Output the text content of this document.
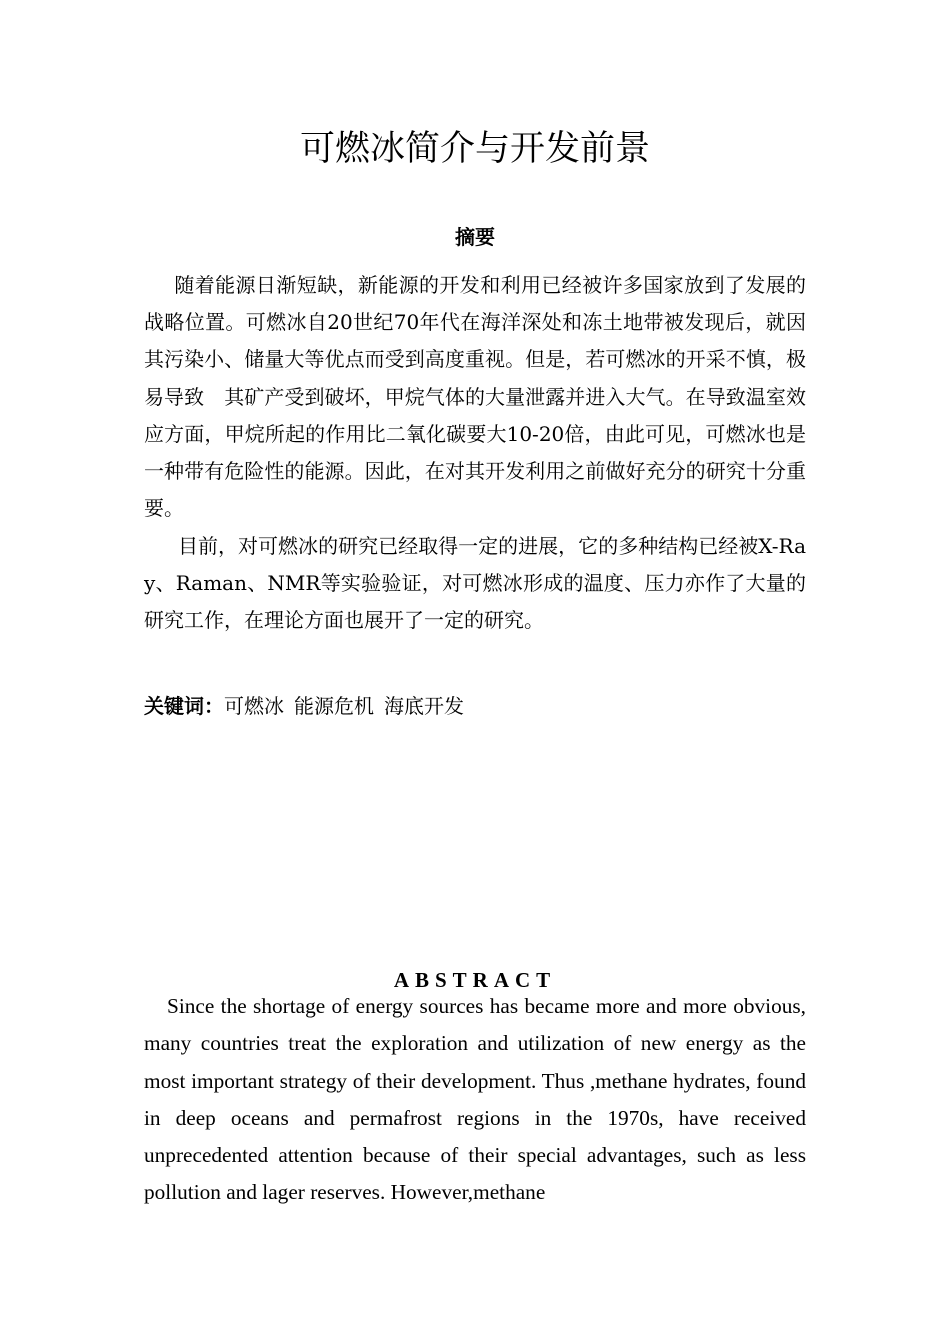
可燃冰简介与开发前景
摘要

随着能源日渐短缺，新能源的开发和利用已经被许多国家放到了发展的战略位置。可燃冰自20世纪70年代在海洋深处和冻土地带被发现后，就因其污染小、储量大等优点而受到高度重视。但是，若可燃冰的开采不慎，极易导致　其矿产受到破坏，甲烷气体的大量泄露并进入大气。在导致温室效应方面，甲烷所起的作用比二氧化碳要大10-20倍，由此可见，可燃冰也是一种带有危险性的能源。因此，在对其开发利用之前做好充分的研究十分重要。

目前，对可燃冰的研究已经取得一定的进展，它的多种结构已经被X-Ray、Raman、NMR等实验验证，对可燃冰形成的温度、压力亦作了大量的研究工作，在理论方面也展开了一定的研究。

关键词：可燃冰 能源危机 海底开发

ABSTRACT

Since the shortage of energy sources has became more and more obvious, many countries treat the exploration and utilization of new energy as the most important strategy of their development. Thus ,methane hydrates, found in deep oceans and permafrost regions in the 1970s, have received unprecedented attention because of their special advantages, such as less pollution and lager reserves. However,methane
